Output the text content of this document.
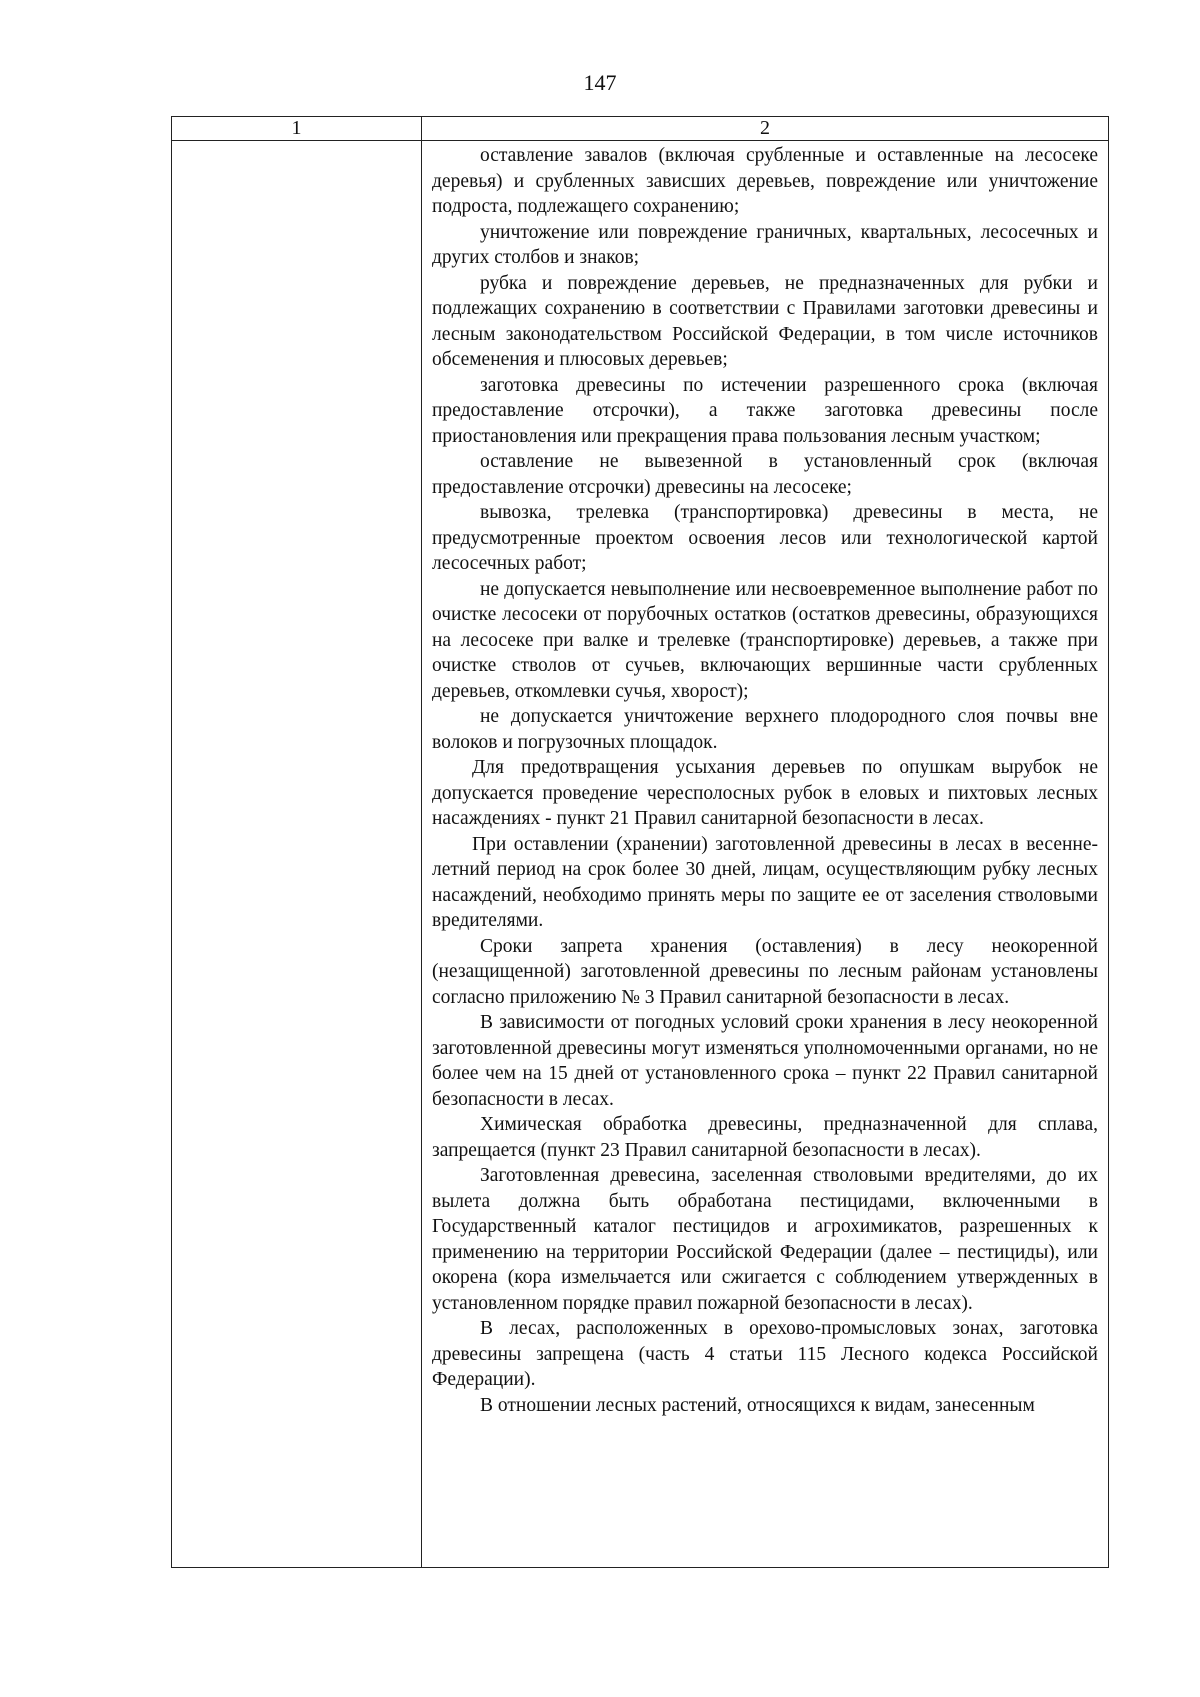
147
1	2

оставление завалов (включая срубленные и оставленные на лесосеке деревья) и срубленных зависших деревьев, повреждение или уничтожение подроста, подлежащего сохранению;

уничтожение или повреждение граничных, квартальных, лесосечных и других столбов и знаков;

рубка и повреждение деревьев, не предназначенных для рубки и подлежащих сохранению в соответствии с Правилами заготовки древесины и лесным законодательством Российской Федерации, в том числе источников обсеменения и плюсовых деревьев;

заготовка древесины по истечении разрешенного срока (включая предоставление отсрочки), а также заготовка древесины после приостановления или прекращения права пользования лесным участком;

оставление не вывезенной в установленный срок (включая предоставление отсрочки) древесины на лесосеке;

вывозка, трелевка (транспортировка) древесины в места, не предусмотренные проектом освоения лесов или технологической картой лесосечных работ;

не допускается невыполнение или несвоевременное выполнение работ по очистке лесосеки от порубочных остатков (остатков древесины, образующихся на лесосеке при валке и трелевке (транспортировке) деревьев, а также при очистке стволов от сучьев, включающих вершинные части срубленных деревьев, откомлевки сучья, хворост);

не допускается уничтожение верхнего плодородного слоя почвы вне волоков и погрузочных площадок.

Для предотвращения усыхания деревьев по опушкам вырубок не допускается проведение чересполосных рубок в еловых и пихтовых лесных насаждениях - пункт 21 Правил санитарной безопасности в лесах.

При оставлении (хранении) заготовленной древесины в лесах в весенне-летний период на срок более 30 дней, лицам, осуществляющим рубку лесных насаждений, необходимо принять меры по защите ее от заселения стволовыми вредителями.

Сроки запрета хранения (оставления) в лесу неокоренной (незащищенной) заготовленной древесины по лесным районам установлены согласно приложению № 3 Правил санитарной безопасности в лесах.

В зависимости от погодных условий сроки хранения в лесу неокоренной заготовленной древесины могут изменяться уполномоченными органами, но не более чем на 15 дней от установленного срока – пункт 22 Правил санитарной безопасности в лесах.

Химическая обработка древесины, предназначенной для сплава, запрещается (пункт 23 Правил санитарной безопасности в лесах).

Заготовленная древесина, заселенная стволовыми вредителями, до их вылета должна быть обработана пестицидами, включенными в Государственный каталог пестицидов и агрохимикатов, разрешенных к применению на территории Российской Федерации (далее – пестициды), или окорена (кора измельчается или сжигается с соблюдением утвержденных в установленном порядке правил пожарной безопасности в лесах).

В лесах, расположенных в орехово-промысловых зонах, заготовка древесины запрещена (часть 4 статьи 115 Лесного кодекса Российской Федерации).

В отношении лесных растений, относящихся к видам, занесенным
